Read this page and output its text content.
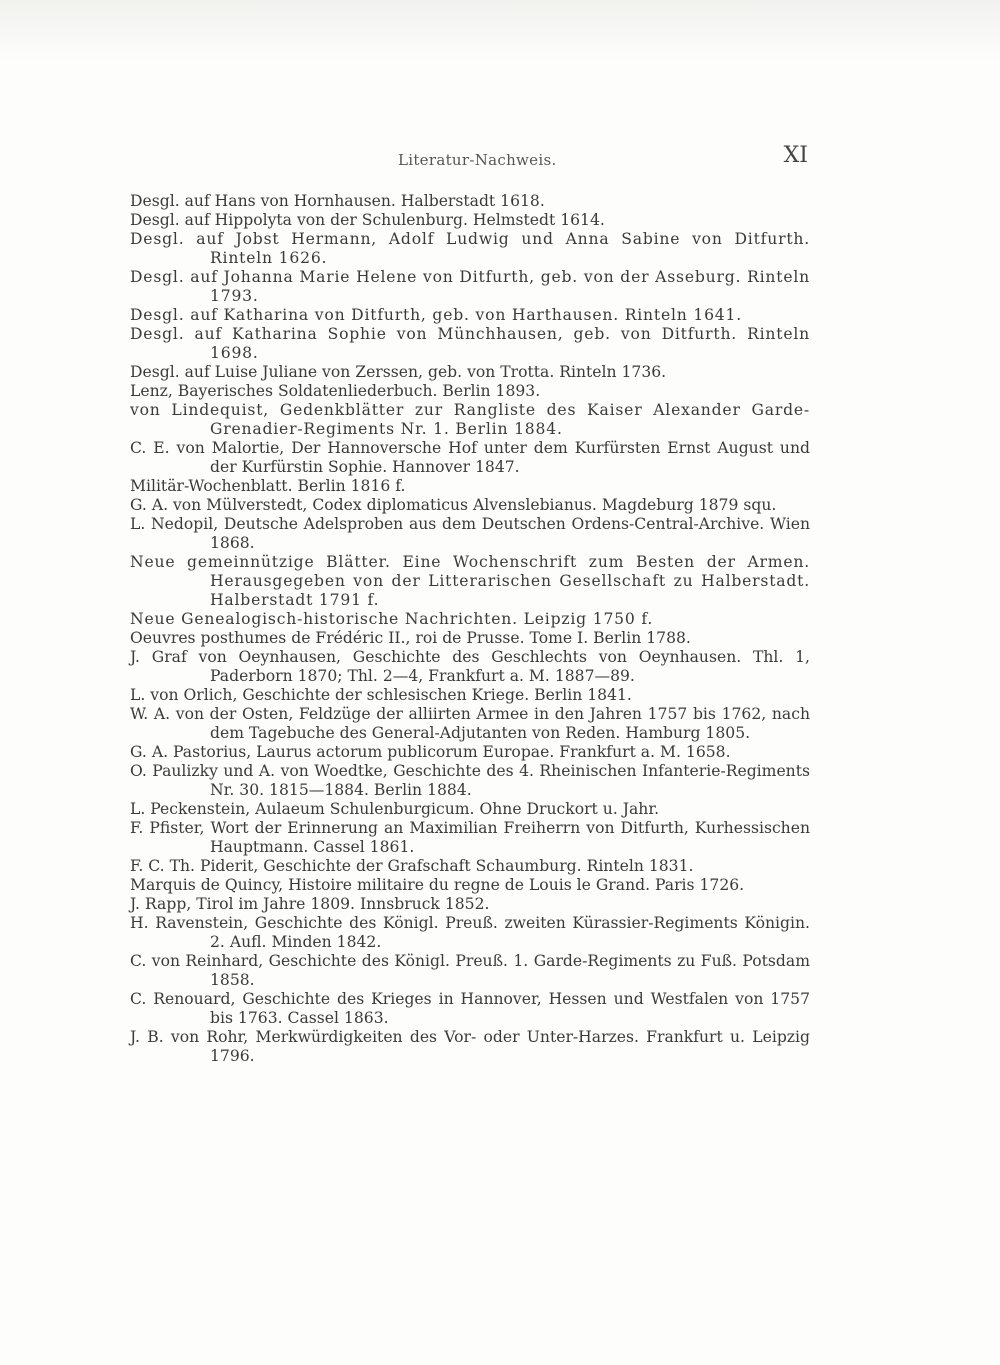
Literatur-Nachweis.	XI
Desgl. auf Hans von Hornhausen. Halberstadt 1618.
Desgl. auf Hippolyta von der Schulenburg. Helmstedt 1614.
Desgl. auf Jobst Hermann, Adolf Ludwig und Anna Sabine von Ditfurth. Rinteln 1626.
Desgl. auf Johanna Marie Helene von Ditfurth, geb. von der Asseburg. Rinteln 1793.
Desgl. auf Katharina von Ditfurth, geb. von Harthausen. Rinteln 1641.
Desgl. auf Katharina Sophie von Münchhausen, geb. von Ditfurth. Rinteln 1698.
Desgl. auf Luise Juliane von Zerssen, geb. von Trotta. Rinteln 1736.
Lenz, Bayerisches Soldatenliederbuch. Berlin 1893.
von Lindequist, Gedenkblätter zur Rangliste des Kaiser Alexander Garde-Grenadier-Regiments Nr. 1. Berlin 1884.
C. E. von Malortie, Der Hannoversche Hof unter dem Kurfürsten Ernst August und der Kurfürstin Sophie. Hannover 1847.
Militär-Wochenblatt. Berlin 1816 f.
G. A. von Mülverstedt, Codex diplomaticus Alvenslebianus. Magdeburg 1879 squ.
L. Nedopil, Deutsche Adelsproben aus dem Deutschen Ordens-Central-Archive. Wien 1868.
Neue gemeinnützige Blätter. Eine Wochenschrift zum Besten der Armen. Herausgegeben von der Litterarischen Gesellschaft zu Halberstadt. Halberstadt 1791 f.
Neue Genealogisch-historische Nachrichten. Leipzig 1750 f.
Oeuvres posthumes de Frédéric II., roi de Prusse. Tome I. Berlin 1788.
J. Graf von Oeynhausen, Geschichte des Geschlechts von Oeynhausen. Thl. 1, Paderborn 1870; Thl. 2—4, Frankfurt a. M. 1887—89.
L. von Orlich, Geschichte der schlesischen Kriege. Berlin 1841.
W. A. von der Osten, Feldzüge der alliirten Armee in den Jahren 1757 bis 1762, nach dem Tagebuche des General-Adjutanten von Reden. Hamburg 1805.
G. A. Pastorius, Laurus actorum publicorum Europae. Frankfurt a. M. 1658.
O. Paulizky und A. von Woedtke, Geschichte des 4. Rheinischen Infanterie-Regiments Nr. 30. 1815—1884. Berlin 1884.
L. Peckenstein, Aulaeum Schulenburgicum. Ohne Druckort u. Jahr.
F. Pfister, Wort der Erinnerung an Maximilian Freiherrn von Ditfurth, Kurhessischen Hauptmann. Cassel 1861.
F. C. Th. Piderit, Geschichte der Grafschaft Schaumburg. Rinteln 1831.
Marquis de Quincy, Histoire militaire du regne de Louis le Grand. Paris 1726.
J. Rapp, Tirol im Jahre 1809. Innsbruck 1852.
H. Ravenstein, Geschichte des Königl. Preuß. zweiten Kürassier-Regiments Königin. 2. Aufl. Minden 1842.
C. von Reinhard, Geschichte des Königl. Preuß. 1. Garde-Regiments zu Fuß. Potsdam 1858.
C. Renouard, Geschichte des Krieges in Hannover, Hessen und Westfalen von 1757 bis 1763. Cassel 1863.
J. B. von Rohr, Merkwürdigkeiten des Vor- oder Unter-Harzes. Frankfurt u. Leipzig 1796.
